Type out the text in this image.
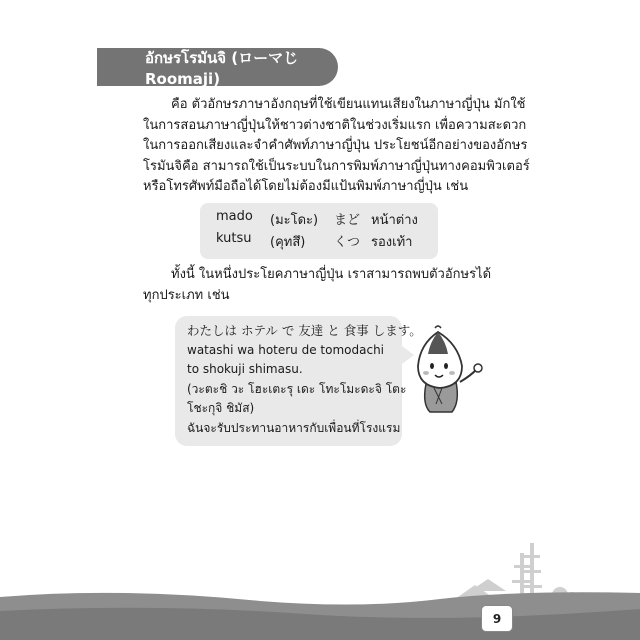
อักษรโรมันจิ (ローマじ Roomaji)

คือ ตัวอักษรภาษาอังกฤษที่ใช้เขียนแทนเสียงในภาษาญี่ปุ่น มักใช้
ในการสอนภาษาญี่ปุ่นให้ชาวต่างชาติในช่วงเริ่มแรก เพื่อความสะดวก
ในการออกเสียงและจำคำศัพท์ภาษาญี่ปุ่น ประโยชน์อีกอย่างของอักษร
โรมันจิคือ สามารถใช้เป็นระบบในการพิมพ์ภาษาญี่ปุ่นทางคอมพิวเตอร์
หรือโทรศัพท์มือถือได้โดยไม่ต้องมีแป้นพิมพ์ภาษาญี่ปุ่น เช่น

mado (มะโดะ) まど หน้าต่าง
kutsu (คุทสึ) くつ รองเท้า

ทั้งนี้ ในหนึ่งประโยคภาษาญี่ปุ่น เราสามารถพบตัวอักษรได้
ทุกประเภท เช่น

わたしは ホテル で 友達 と 食事 します。
watashi wa hoteru de tomodachi
to shokuji shimasu.
(วะตะชิ วะ โฮะเตะรุ เดะ โทะโมะดะจิ โตะ
โชะกุจิ ชิมัส)
ฉันจะรับประทานอาหารกับเพื่อนที่โรงแรม
9
